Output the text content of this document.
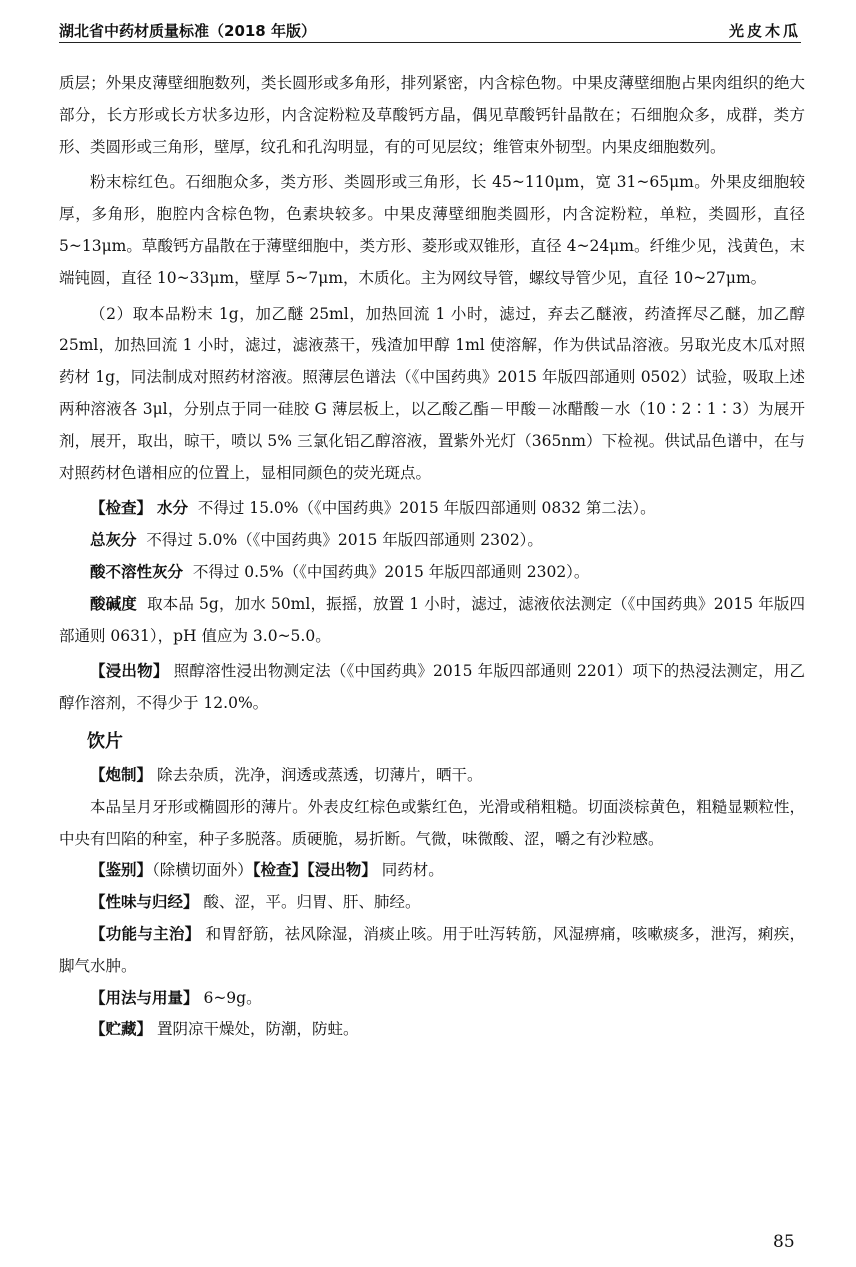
湖北省中药材质量标准（2018 年版）	光皮木瓜

质层；外果皮薄壁细胞数列，类长圆形或多角形，排列紧密，内含棕色物。中果皮薄壁细胞占果肉组织的绝大部分，长方形或长方状多边形，内含淀粉粒及草酸钙方晶，偶见草酸钙针晶散在；石细胞众多，成群，类方形、类圆形或三角形，壁厚，纹孔和孔沟明显，有的可见层纹；维管束外韧型。内果皮细胞数列。

粉末棕红色。石细胞众多，类方形、类圆形或三角形，长 45~110μm，宽 31~65μm。外果皮细胞较厚，多角形，胞腔内含棕色物，色素块较多。中果皮薄壁细胞类圆形，内含淀粉粒，单粒，类圆形，直径 5~13μm。草酸钙方晶散在于薄壁细胞中，类方形、菱形或双锥形，直径 4~24μm。纤维少见，浅黄色，末端钝圆，直径 10~33μm，壁厚 5~7μm，木质化。主为网纹导管，螺纹导管少见，直径 10~27μm。

（2）取本品粉末 1g，加乙醚 25ml，加热回流 1 小时，滤过，弃去乙醚液，药渣挥尽乙醚，加乙醇 25ml，加热回流 1 小时，滤过，滤液蒸干，残渣加甲醇 1ml 使溶解，作为供试品溶液。另取光皮木瓜对照药材 1g，同法制成对照药材溶液。照薄层色谱法（《中国药典》2015 年版四部通则 0502）试验，吸取上述两种溶液各 3μl，分别点于同一硅胶 G 薄层板上，以乙酸乙酯－甲酸－冰醋酸－水（10∶2∶1∶3）为展开剂，展开，取出，晾干，喷以 5% 三氯化铝乙醇溶液，置紫外光灯（365nm）下检视。供试品色谱中，在与对照药材色谱相应的位置上，显相同颜色的荧光斑点。

【检查】 水分 不得过 15.0%（《中国药典》2015 年版四部通则 0832 第二法）。

总灰分 不得过 5.0%（《中国药典》2015 年版四部通则 2302）。

酸不溶性灰分 不得过 0.5%（《中国药典》2015 年版四部通则 2302）。

酸碱度 取本品 5g，加水 50ml，振摇，放置 1 小时，滤过，滤液依法测定（《中国药典》2015 年版四部通则 0631），pH 值应为 3.0~5.0。

【浸出物】 照醇溶性浸出物测定法（《中国药典》2015 年版四部通则 2201）项下的热浸法测定，用乙醇作溶剂，不得少于 12.0%。

饮片

【炮制】 除去杂质，洗净，润透或蒸透，切薄片，晒干。

本品呈月牙形或椭圆形的薄片。外表皮红棕色或紫红色，光滑或稍粗糙。切面淡棕黄色，粗糙显颗粒性，中央有凹陷的种室，种子多脱落。质硬脆，易折断。气微，味微酸、涩，嚼之有沙粒感。

【鉴别】（除横切面外）【检查】【浸出物】 同药材。

【性味与归经】 酸、涩，平。归胃、肝、肺经。

【功能与主治】 和胃舒筋，祛风除湿，消痰止咳。用于吐泻转筋，风湿痹痛，咳嗽痰多，泄泻，痢疾，脚气水肿。

【用法与用量】 6~9g。

【贮藏】 置阴凉干燥处，防潮，防蛀。

85
